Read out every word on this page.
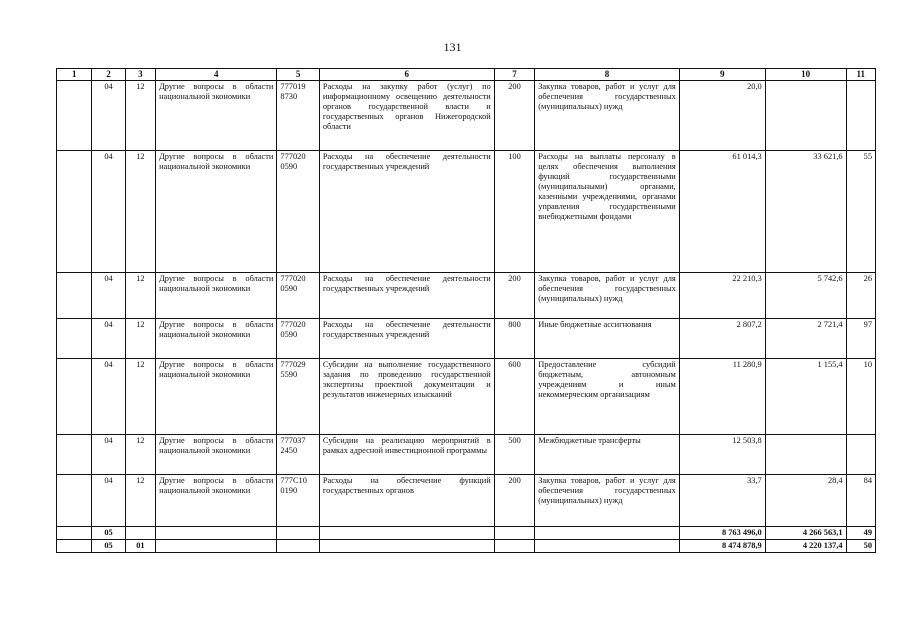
131
1	2	3	4	5	6	7	8	9	10	11
	04	12	Другие вопросы в области национальной экономики	777019 8730	Расходы на закупку работ (услуг) по информационному освещению деятельности органов государственной власти и государственных органов Нижегородской области	200	Закупка товаров, работ и услуг для обеспечения государственных (муниципальных) нужд	20,0		
	04	12	Другие вопросы в области национальной экономики	777020 0590	Расходы на обеспечение деятельности государственных учреждений	100	Расходы на выплаты персоналу в целях обеспечения выполнения функций государственными (муниципальными) органами, казенными учреждениями, органами управления государственными внебюджетными фондами	61 014,3	33 621,6	55
	04	12	Другие вопросы в области национальной экономики	777020 0590	Расходы на обеспечение деятельности государственных учреждений	200	Закупка товаров, работ и услуг для обеспечения государственных (муниципальных) нужд	22 210,3	5 742,6	26
	04	12	Другие вопросы в области национальной экономики	777020 0590	Расходы на обеспечение деятельности государственных учреждений	800	Иные бюджетные ассигнования	2 807,2	2 721,4	97
	04	12	Другие вопросы в области национальной экономики	777029 5590	Субсидии на выполнение государственного задания по проведению государственной экспертизы проектной документации и результатов инженерных изысканий	600	Предоставление субсидий бюджетным, автономным учреждениям и иным некоммерческим организациям	11 280,9	1 155,4	10
	04	12	Другие вопросы в области национальной экономики	777037 2450	Субсидии на реализацию мероприятий в рамках адресной инвестиционной программы	500	Межбюджетные трансферты	12 503,8		
	04	12	Другие вопросы в области национальной экономики	777С10 0190	Расходы на обеспечение функций государственных органов	200	Закупка товаров, работ и услуг для обеспечения государственных (муниципальных) нужд	33,7	28,4	84
	05							8 763 496,0	4 266 563,1	49
	05	01						8 474 878,9	4 220 137,4	50
